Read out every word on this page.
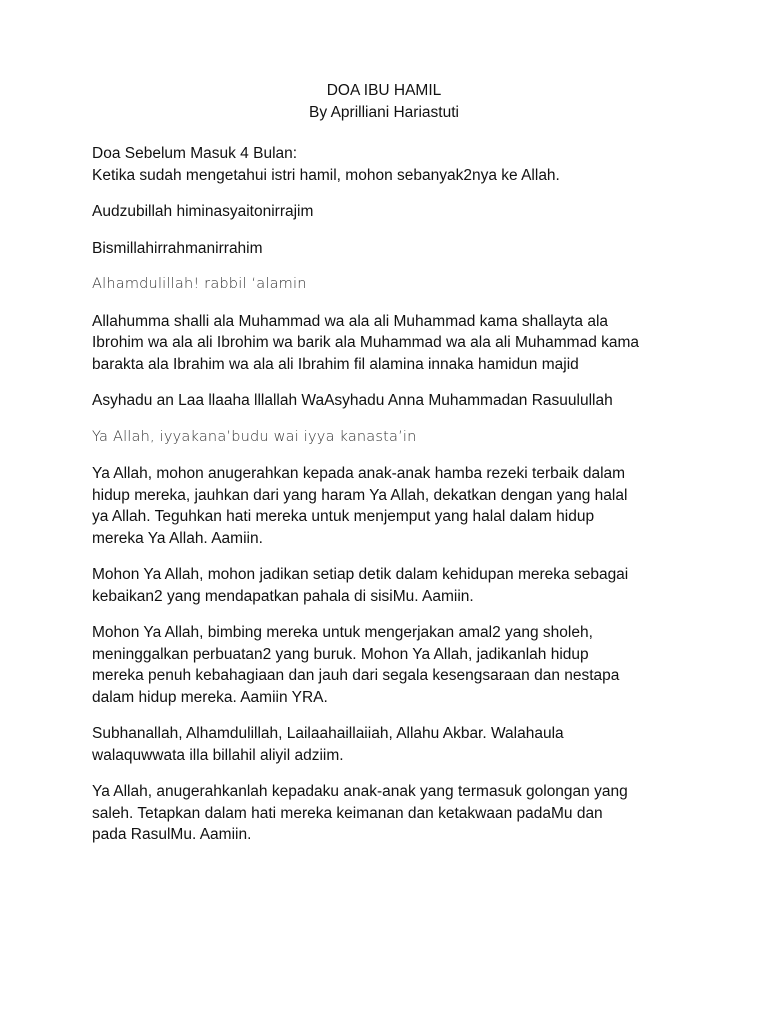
DOA IBU HAMIL
By Aprilliani Hariastuti

Doa Sebelum Masuk 4 Bulan:
Ketika sudah mengetahui istri hamil, mohon sebanyak2nya ke Allah.

Audzubillah himinasyaitonirrajim

Bismillahirrahmanirrahim

Alhamdulillah! rabbil ‘alamin

Allahumma shalli ala Muhammad wa ala ali Muhammad kama shallayta ala
Ibrohim wa ala ali Ibrohim wa barik ala Muhammad wa ala ali Muhammad kama
barakta ala Ibrahim wa ala ali Ibrahim fil alamina innaka hamidun majid

Asyhadu an Laa llaaha lllallah WaAsyhadu Anna Muhammadan Rasuulullah

Ya Allah, iyyakana’budu wai iyya kanasta’in

Ya Allah, mohon anugerahkan kepada anak-anak hamba rezeki terbaik dalam
hidup mereka, jauhkan dari yang haram Ya Allah, dekatkan dengan yang halal
ya Allah. Teguhkan hati mereka untuk menjemput yang halal dalam hidup
mereka Ya Allah. Aamiin.

Mohon Ya Allah, mohon jadikan setiap detik dalam kehidupan mereka sebagai
kebaikan2 yang mendapatkan pahala di sisiMu. Aamiin.

Mohon Ya Allah, bimbing mereka untuk mengerjakan amal2 yang sholeh,
meninggalkan perbuatan2 yang buruk. Mohon Ya Allah, jadikanlah hidup
mereka penuh kebahagiaan dan jauh dari segala kesengsaraan dan nestapa
dalam hidup mereka. Aamiin YRA.

Subhanallah, Alhamdulillah, Lailaahaillaiiah, Allahu Akbar. Walahaula
walaquwwata illa billahil aliyil adziim.

Ya Allah, anugerahkanlah kepadaku anak-anak yang termasuk golongan yang
saleh. Tetapkan dalam hati mereka keimanan dan ketakwaan padaMu dan
pada RasulMu. Aamiin.
